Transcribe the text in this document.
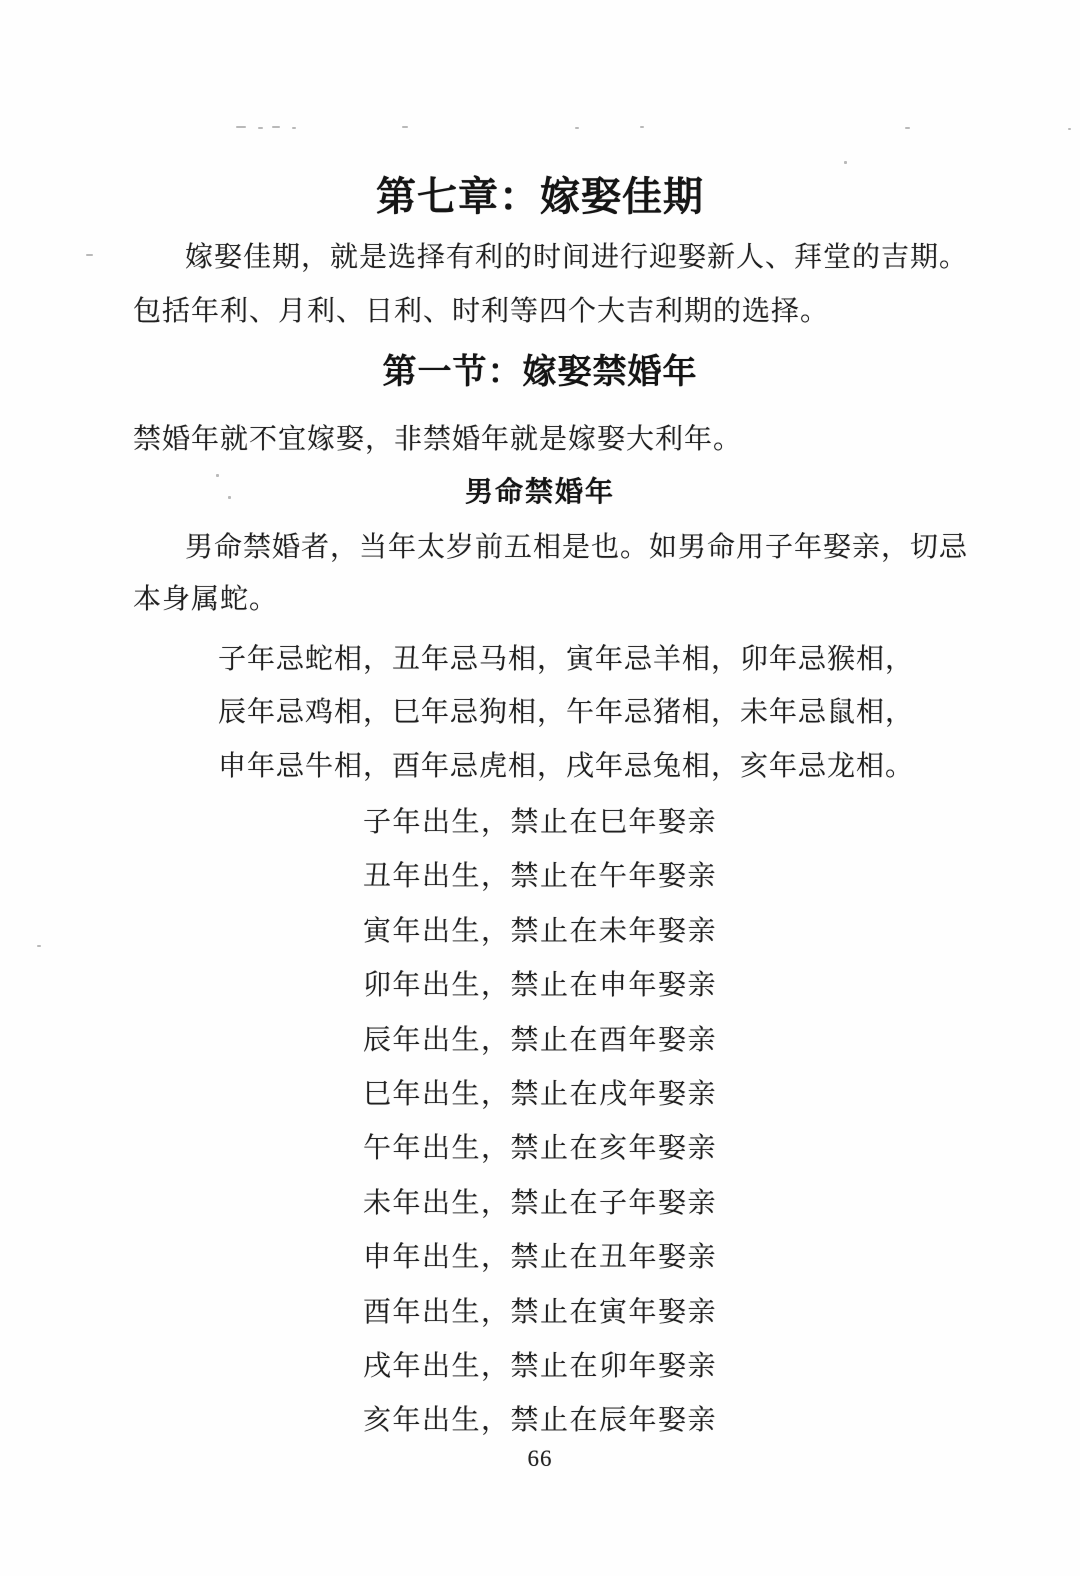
第七章：嫁娶佳期
嫁娶佳期，就是选择有利的时间进行迎娶新人、拜堂的吉期。
包括年利、月利、日利、时利等四个大吉利期的选择。
第一节：嫁娶禁婚年
禁婚年就不宜嫁娶，非禁婚年就是嫁娶大利年。
男命禁婚年
男命禁婚者，当年太岁前五相是也。如男命用子年娶亲，切忌
本身属蛇。
子年忌蛇相，丑年忌马相，寅年忌羊相，卯年忌猴相，
辰年忌鸡相，巳年忌狗相，午年忌猪相，未年忌鼠相，
申年忌牛相，酉年忌虎相，戌年忌兔相，亥年忌龙相。
子年出生，禁止在巳年娶亲
丑年出生，禁止在午年娶亲
寅年出生，禁止在未年娶亲
卯年出生，禁止在申年娶亲
辰年出生，禁止在酉年娶亲
巳年出生，禁止在戌年娶亲
午年出生，禁止在亥年娶亲
未年出生，禁止在子年娶亲
申年出生，禁止在丑年娶亲
酉年出生，禁止在寅年娶亲
戌年出生，禁止在卯年娶亲
亥年出生，禁止在辰年娶亲
66
